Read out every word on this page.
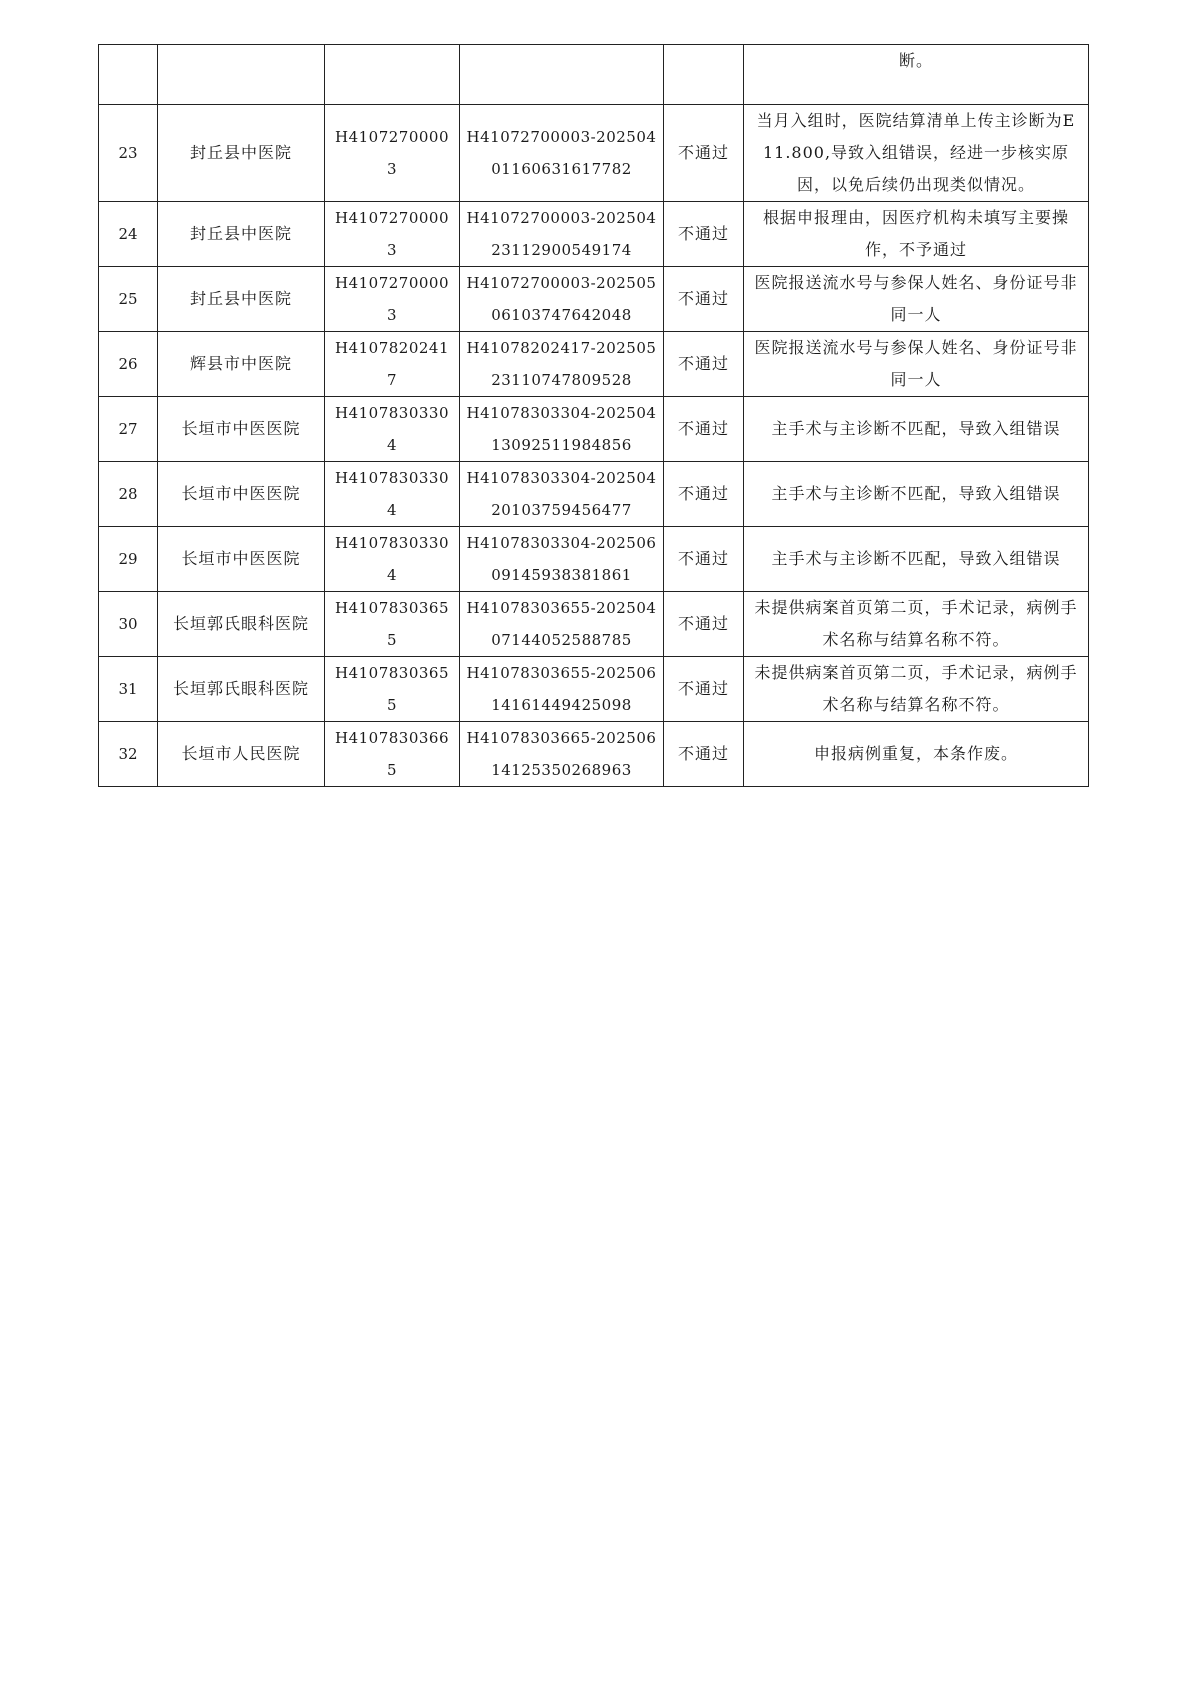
					断。
23	封丘县中医院	H41072700003	H41072700003-20250401160631617782	不通过	当月入组时，医院结算清单上传主诊断为E11.800,导致入组错误，经进一步核实原因，以免后续仍出现类似情况。
24	封丘县中医院	H41072700003	H41072700003-20250423112900549174	不通过	根据申报理由，因医疗机构未填写主要操作，不予通过
25	封丘县中医院	H41072700003	H41072700003-20250506103747642048	不通过	医院报送流水号与参保人姓名、身份证号非同一人
26	辉县市中医院	H41078202417	H41078202417-20250523110747809528	不通过	医院报送流水号与参保人姓名、身份证号非同一人
27	长垣市中医医院	H41078303304	H41078303304-20250413092511984856	不通过	主手术与主诊断不匹配，导致入组错误
28	长垣市中医医院	H41078303304	H41078303304-20250420103759456477	不通过	主手术与主诊断不匹配，导致入组错误
29	长垣市中医医院	H41078303304	H41078303304-20250609145938381861	不通过	主手术与主诊断不匹配，导致入组错误
30	长垣郭氏眼科医院	H41078303655	H41078303655-20250407144052588785	不通过	未提供病案首页第二页，手术记录，病例手术名称与结算名称不符。
31	长垣郭氏眼科医院	H41078303655	H41078303655-20250614161449425098	不通过	未提供病案首页第二页，手术记录，病例手术名称与结算名称不符。
32	长垣市人民医院	H41078303665	H41078303665-20250614125350268963	不通过	申报病例重复，本条作废。
